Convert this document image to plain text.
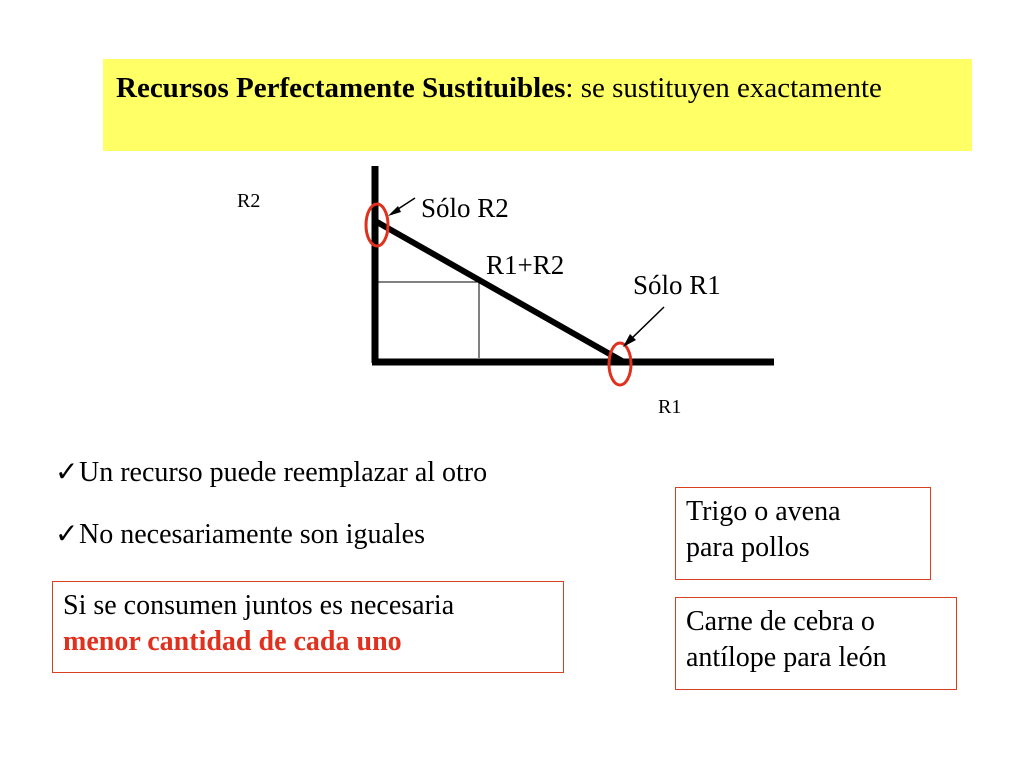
Recursos Perfectamente Sustituibles: se sustituyen exactamente
R2
R1
Sólo R2
R1+R2
Sólo R1
✓Un recurso puede reemplazar al otro
✓No necesariamente son iguales
Si se consumen juntos es necesaria
menor cantidad de cada uno
Trigo o avena
para pollos
Carne de cebra o
antílope para león
